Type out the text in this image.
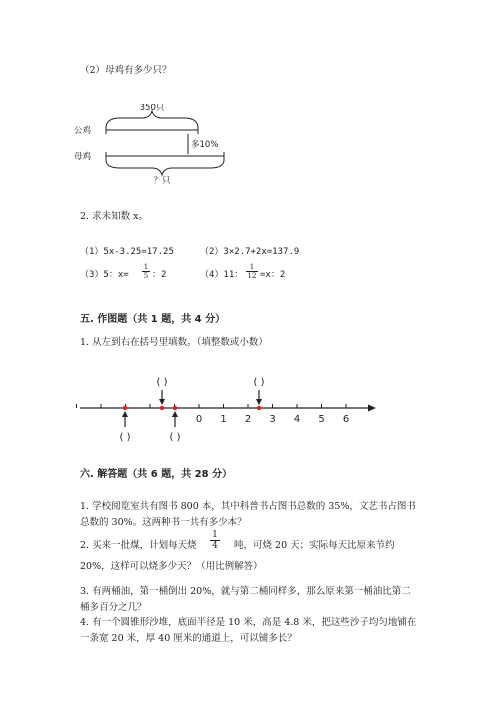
（2）母鸡有多少只？
350只
公鸡
多10%
母鸡
？只
2. 求未知数 x。
（1）5x-3.25=17.25	（2）3×2.7+2x=137.9
（3）5：$x= \frac{1}{5}$ ：2	（4）11： $\frac{1}{12} =x$：2
五. 作图题（共 1 题，共 4 分）
1. 从左到右在括号里填数。（填整数或小数）
0 1 2 3 4 5 6
( )	( )
( )	( )
六. 解答题（共 6 题，共 28 分）
1. 学校阅览室共有图书 800 本，其中科普书占图书总数的 35%，文艺书占图书
总数的 30%。这两种书一共有多少本？
2. 买来一批煤，计划每天烧 $\frac{1}{4}$ 吨，可烧 20 天；实际每天比原来节约
20%，这样可以烧多少天？（用比例解答）
3. 有两桶油，第一桶倒出 20%，就与第二桶同样多，那么原来第一桶油比第二
桶多百分之几？
4. 有一个圆锥形沙堆，底面半径是 10 米，高是 4.8 米，把这些沙子均匀地铺在
一条宽 20 米，厚 40 厘米的通道上，可以铺多长？
